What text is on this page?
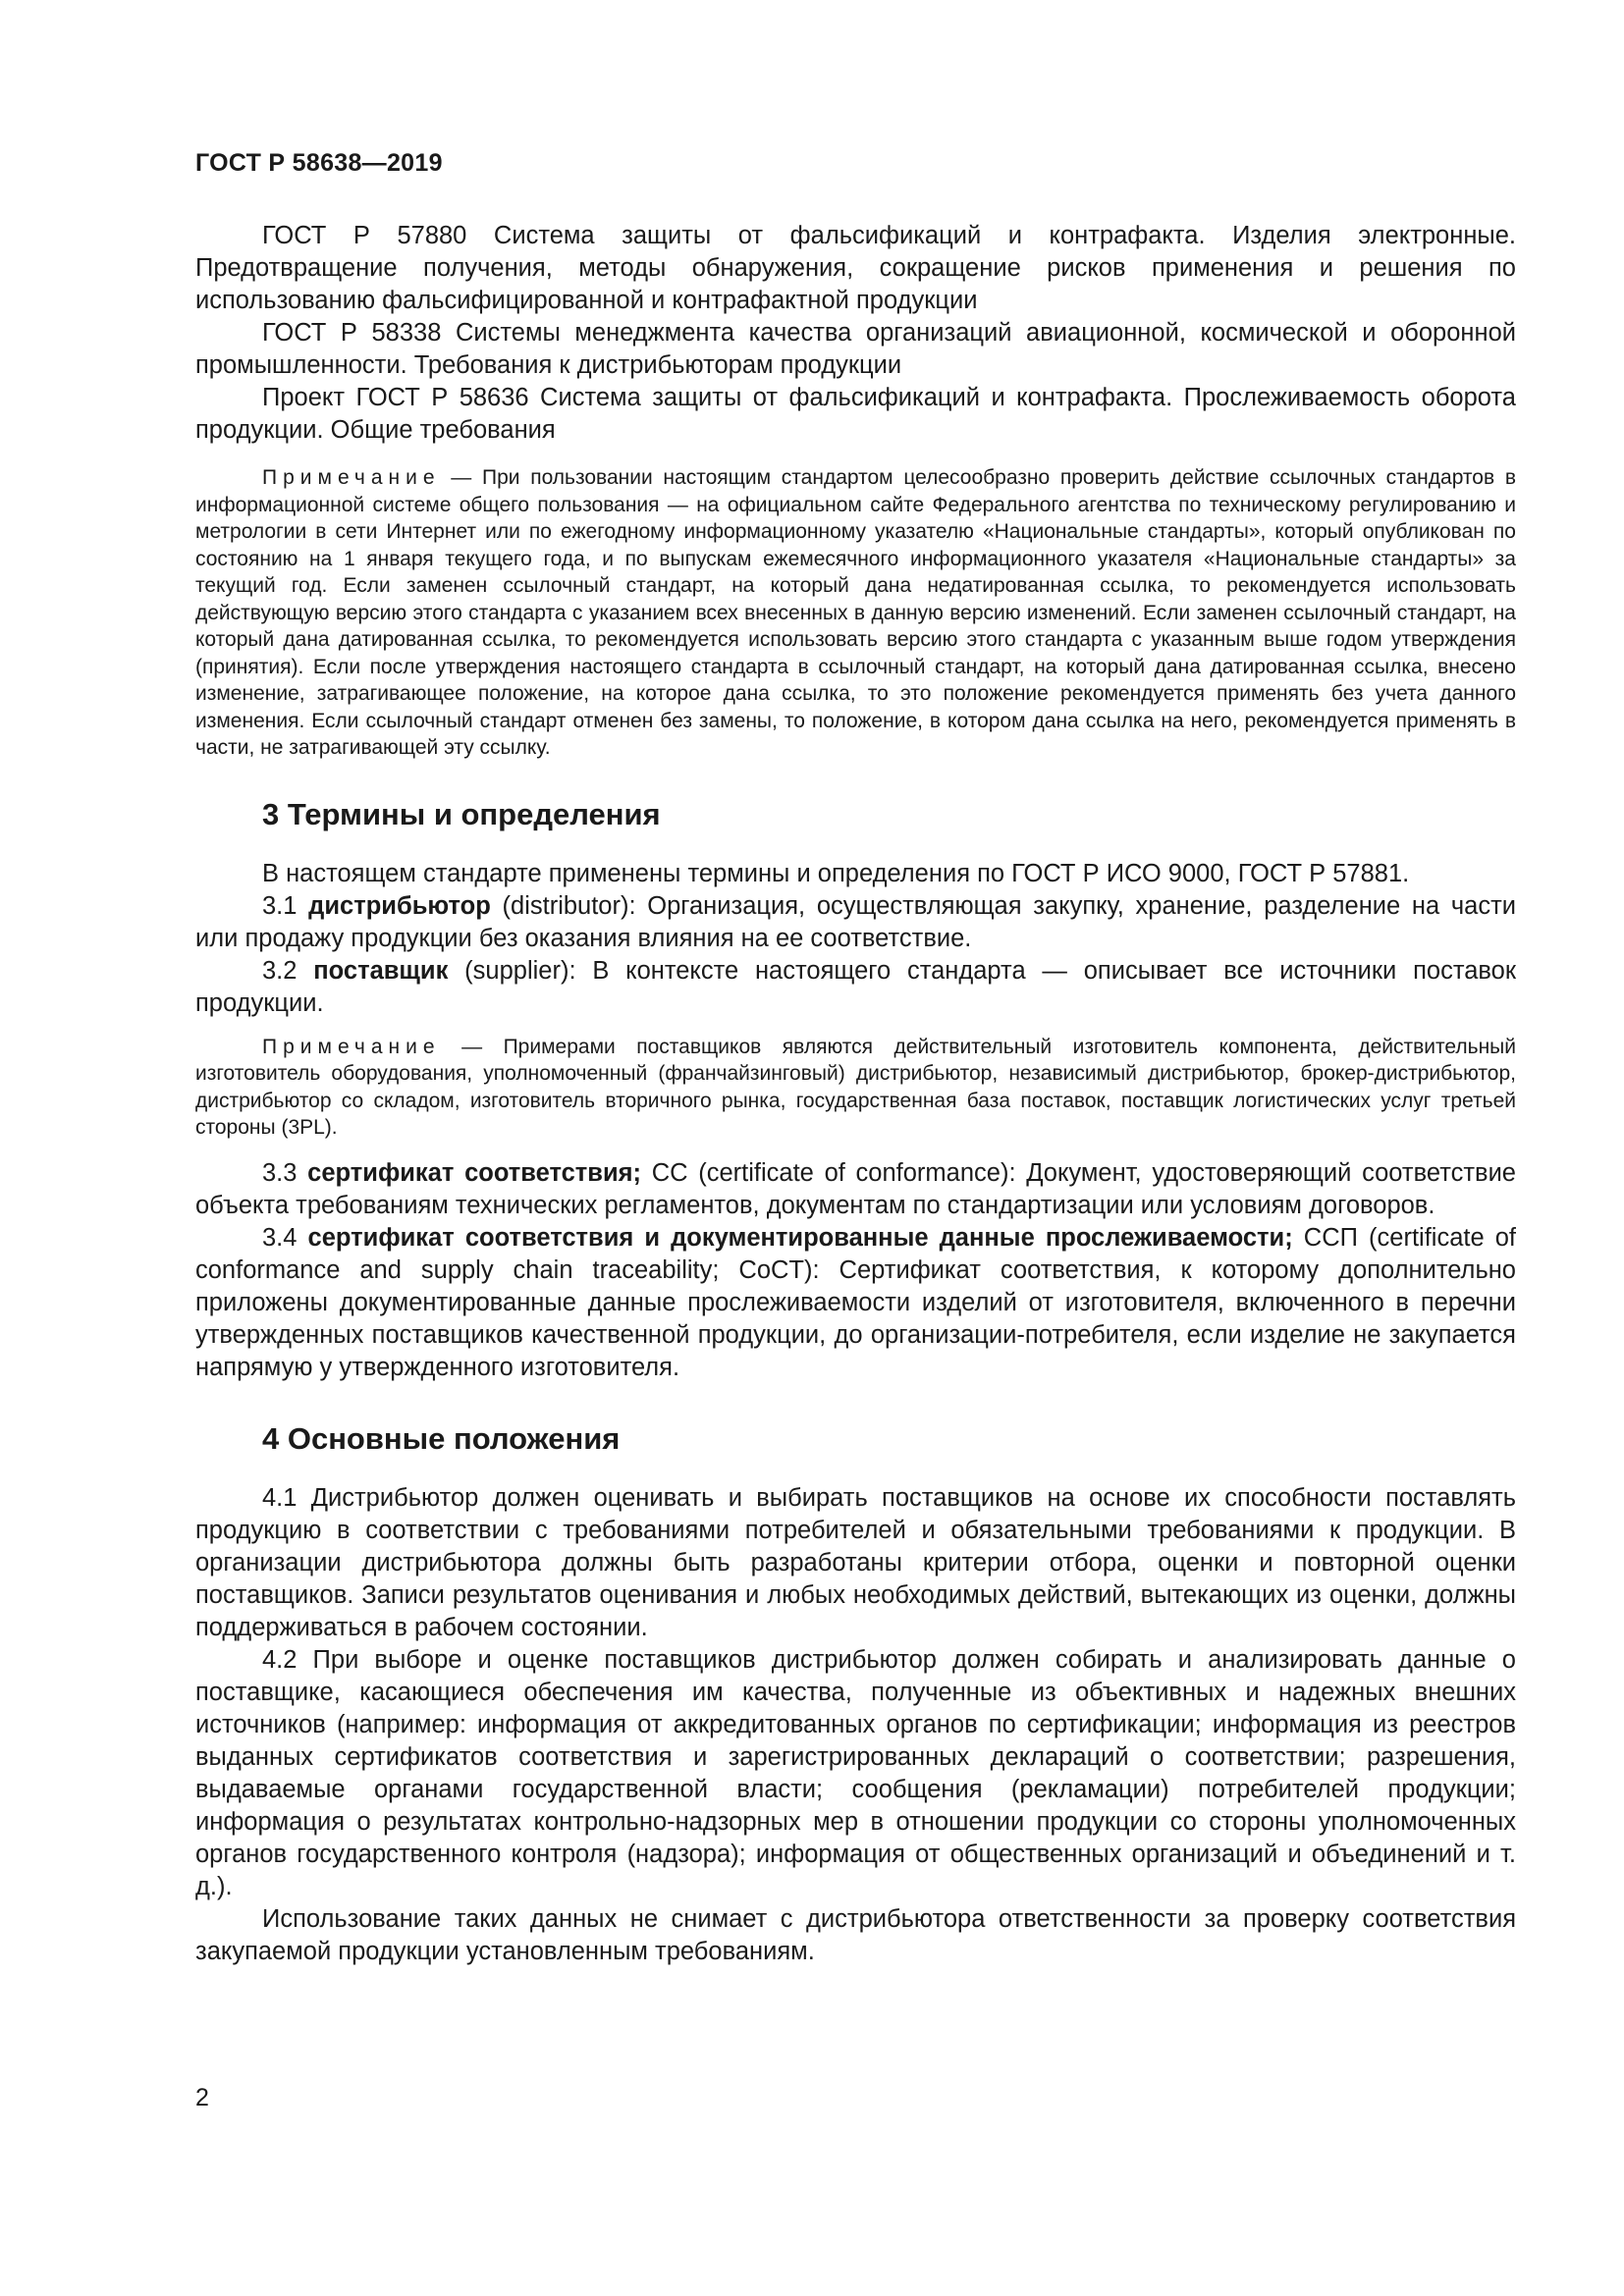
ГОСТ Р 58638—2019

ГОСТ Р 57880 Система защиты от фальсификаций и контрафакта. Изделия электронные. Предотвращение получения, методы обнаружения, сокращение рисков применения и решения по использованию фальсифицированной и контрафактной продукции

ГОСТ Р 58338 Системы менеджмента качества организаций авиационной, космической и оборонной промышленности. Требования к дистрибьюторам продукции

Проект ГОСТ Р 58636 Система защиты от фальсификаций и контрафакта. Прослеживаемость оборота продукции. Общие требования

Примечание — При пользовании настоящим стандартом целесообразно проверить действие ссылочных стандартов в информационной системе общего пользования — на официальном сайте Федерального агентства по техническому регулированию и метрологии в сети Интернет или по ежегодному информационному указателю «Национальные стандарты», который опубликован по состоянию на 1 января текущего года, и по выпускам ежемесячного информационного указателя «Национальные стандарты» за текущий год. Если заменен ссылочный стандарт, на который дана недатированная ссылка, то рекомендуется использовать действующую версию этого стандарта с указанием всех внесенных в данную версию изменений. Если заменен ссылочный стандарт, на который дана датированная ссылка, то рекомендуется использовать версию этого стандарта с указанным выше годом утверждения (принятия). Если после утверждения настоящего стандарта в ссылочный стандарт, на который дана датированная ссылка, внесено изменение, затрагивающее положение, на которое дана ссылка, то это положение рекомендуется применять без учета данного изменения. Если ссылочный стандарт отменен без замены, то положение, в котором дана ссылка на него, рекомендуется применять в части, не затрагивающей эту ссылку.
3 Термины и определения

В настоящем стандарте применены термины и определения по ГОСТ Р ИСО 9000, ГОСТ Р 57881.

3.1 дистрибьютор (distributor): Организация, осуществляющая закупку, хранение, разделение на части или продажу продукции без оказания влияния на ее соответствие.

3.2 поставщик (supplier): В контексте настоящего стандарта — описывает все источники поставок продукции.

Примечание — Примерами поставщиков являются действительный изготовитель компонента, действительный изготовитель оборудования, уполномоченный (франчайзинговый) дистрибьютор, независимый дистрибьютор, брокер-дистрибьютор, дистрибьютор со складом, изготовитель вторичного рынка, государственная база поставок, поставщик логистических услуг третьей стороны (3PL).

3.3 сертификат соответствия; CC (certificate of conformance): Документ, удостоверяющий соответствие объекта требованиям технических регламентов, документам по стандартизации или условиям договоров.

3.4 сертификат соответствия и документированные данные прослеживаемости; ССП (certificate of conformance and supply chain traceability; CoCT): Сертификат соответствия, к которому дополнительно приложены документированные данные прослеживаемости изделий от изготовителя, включенного в перечни утвержденных поставщиков качественной продукции, до организации-потребителя, если изделие не закупается напрямую у утвержденного изготовителя.

4 Основные положения

4.1 Дистрибьютор должен оценивать и выбирать поставщиков на основе их способности поставлять продукцию в соответствии с требованиями потребителей и обязательными требованиями к продукции. В организации дистрибьютора должны быть разработаны критерии отбора, оценки и повторной оценки поставщиков. Записи результатов оценивания и любых необходимых действий, вытекающих из оценки, должны поддерживаться в рабочем состоянии.

4.2 При выборе и оценке поставщиков дистрибьютор должен собирать и анализировать данные о поставщике, касающиеся обеспечения им качества, полученные из объективных и надежных внешних источников (например: информация от аккредитованных органов по сертификации; информация из реестров выданных сертификатов соответствия и зарегистрированных деклараций о соответствии; разрешения, выдаваемые органами государственной власти; сообщения (рекламации) потребителей продукции; информация о результатах контрольно-надзорных мер в отношении продукции со стороны уполномоченных органов государственного контроля (надзора); информация от общественных организаций и объединений и т. д.).

Использование таких данных не снимает с дистрибьютора ответственности за проверку соответствия закупаемой продукции установленным требованиям.

2
